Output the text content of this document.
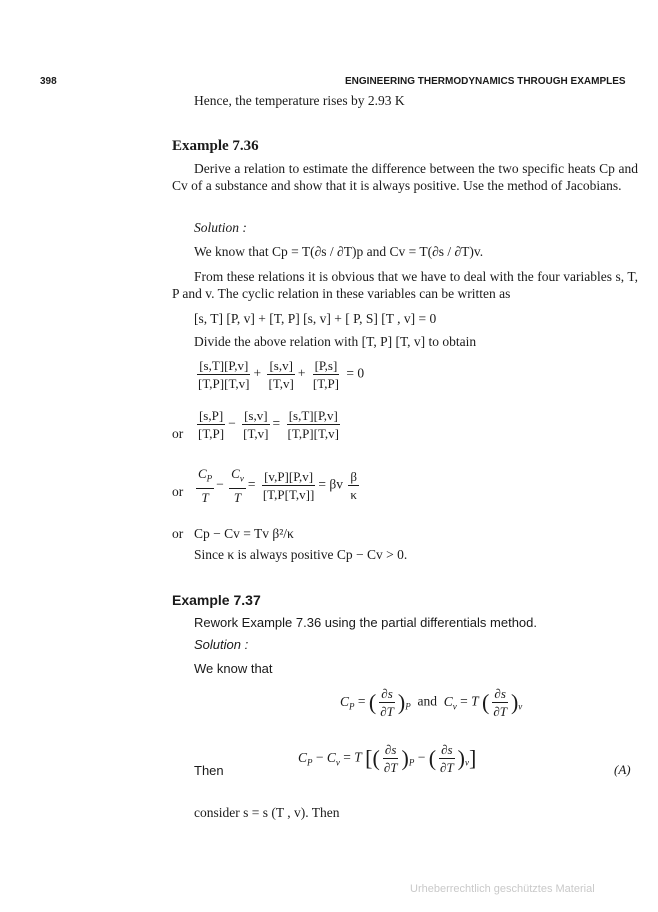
398	ENGINEERING THERMODYNAMICS THROUGH EXAMPLES
Hence, the temperature rises by 2.93 K
Example 7.36
Derive a relation to estimate the difference between the two specific heats Cp and Cv of a substance and show that it is always positive. Use the method of Jacobians.
Solution :
We know that Cp = T(∂s / ∂T)p and Cv = T(∂s / ∂T)v.
From these relations it is obvious that we have to deal with the four variables s, T, P and v. The cyclic relation in these variables can be written as
[s, T] [P, v] + [T, P] [s, v] + [ P, S] [T , v] = 0
Divide the above relation with [T, P] [T, v] to obtain
$\frac{[s,T][P,v]}{[T,P][T,v]} + \frac{[s,v]}{[T,v]} + \frac{[P,s]}{[T,P]} = 0$
or $\frac{[s,P]}{[T,P]} - \frac{[s,v]}{[T,v]} = \frac{[s,T][P,v]}{[T,P][T,v]}$
or $\frac{C_P}{T} - \frac{C_v}{T} = \frac{[v,P][P,v]}{[T,P[T,v]]} = \beta v \frac{\beta}{\kappa}$
or Cp − Cv = Tv β²/κ
Since κ is always positive Cp − Cv > 0.
Example 7.37
Rework Example 7.36 using the partial differentials method.
Solution :
We know that
$C_P$ = ( $\frac{\partial s}{\partial T} )_P$ and $C_v = T$ ( $\frac{\partial s}{\partial T} )_v$
Then
$C_P - C_v = T$ [( $\frac{\partial s}{\partial T} )_P$ − ( $\frac{\partial s}{\partial T} )_v$]	(A)
consider s = s (T , v). Then
Urheberrechtlich geschütztes Material
